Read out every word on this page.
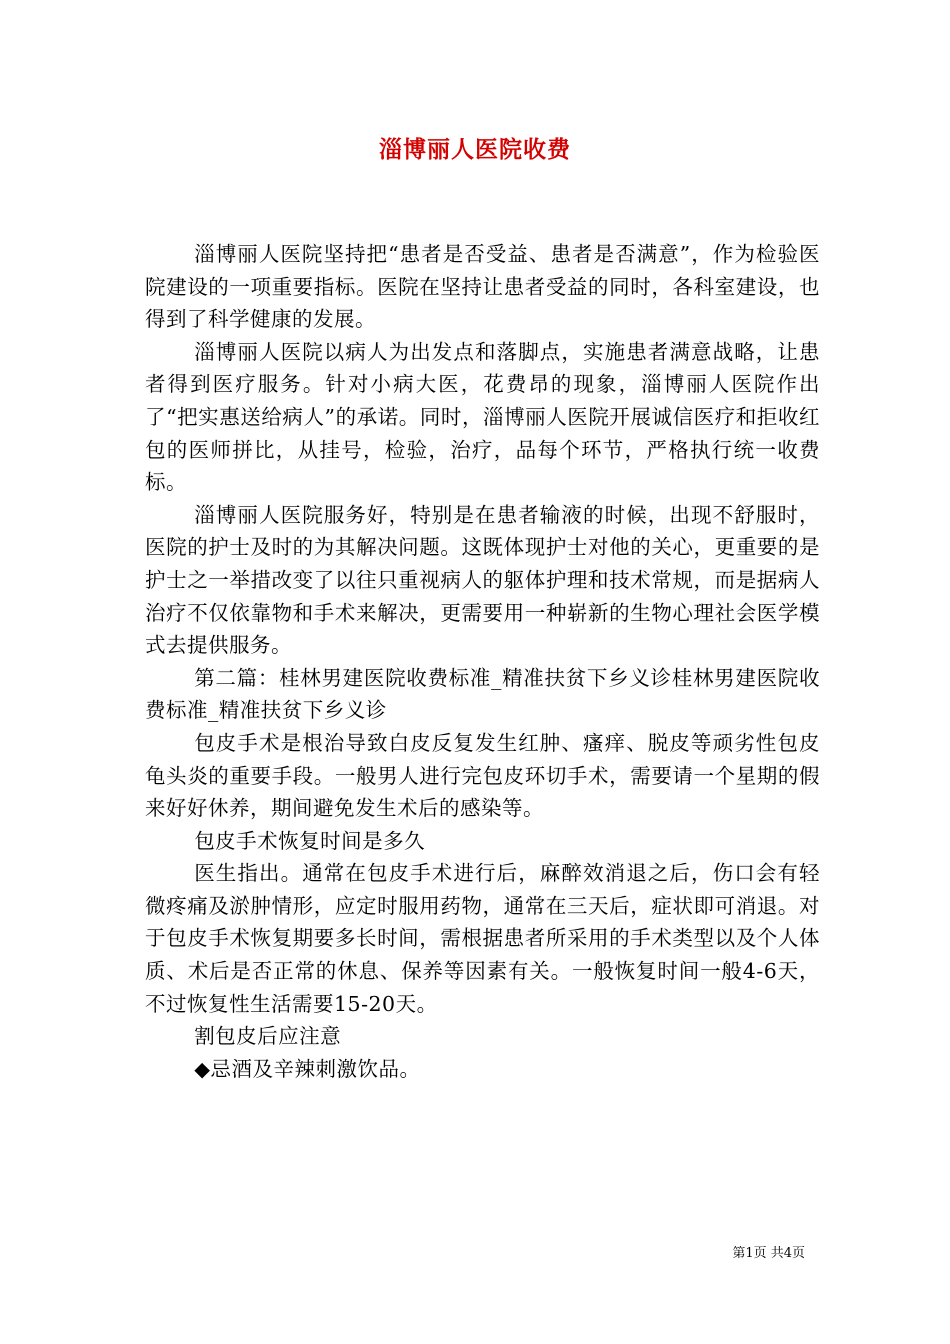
淄博丽人医院收费

淄博丽人医院坚持把“患者是否受益、患者是否满意”，作为检验医院建设的一项重要指标。医院在坚持让患者受益的同时，各科室建设，也得到了科学健康的发展。

淄博丽人医院以病人为出发点和落脚点，实施患者满意战略，让患者得到医疗服务。针对小病大医，花费昂的现象，淄博丽人医院作出了“把实惠送给病人”的承诺。同时，淄博丽人医院开展诚信医疗和拒收红包的医师拼比，从挂号，检验，治疗，品每个环节，严格执行统一收费标。

淄博丽人医院服务好，特别是在患者输液的时候，出现不舒服时，医院的护士及时的为其解决问题。这既体现护士对他的关心，更重要的是护士之一举措改变了以往只重视病人的躯体护理和技术常规，而是据病人治疗不仅依靠物和手术来解决，更需要用一种崭新的生物心理社会医学模式去提供服务。

第二篇：桂林男建医院收费标准_精准扶贫下乡义诊桂林男建医院收费标准_精准扶贫下乡义诊

包皮手术是根治导致白皮反复发生红肿、瘙痒、脱皮等顽劣性包皮龟头炎的重要手段。一般男人进行完包皮环切手术，需要请一个星期的假来好好休养，期间避免发生术后的感染等。

包皮手术恢复时间是多久

医生指出。通常在包皮手术进行后，麻醉效消退之后，伤口会有轻微疼痛及淤肿情形，应定时服用药物，通常在三天后，症状即可消退。对于包皮手术恢复期要多长时间，需根据患者所采用的手术类型以及个人体质、术后是否正常的休息、保养等因素有关。一般恢复时间一般4-6天，不过恢复性生活需要15-20天。

割包皮后应注意

◆忌酒及辛辣刺激饮品。

第1页 共4页
